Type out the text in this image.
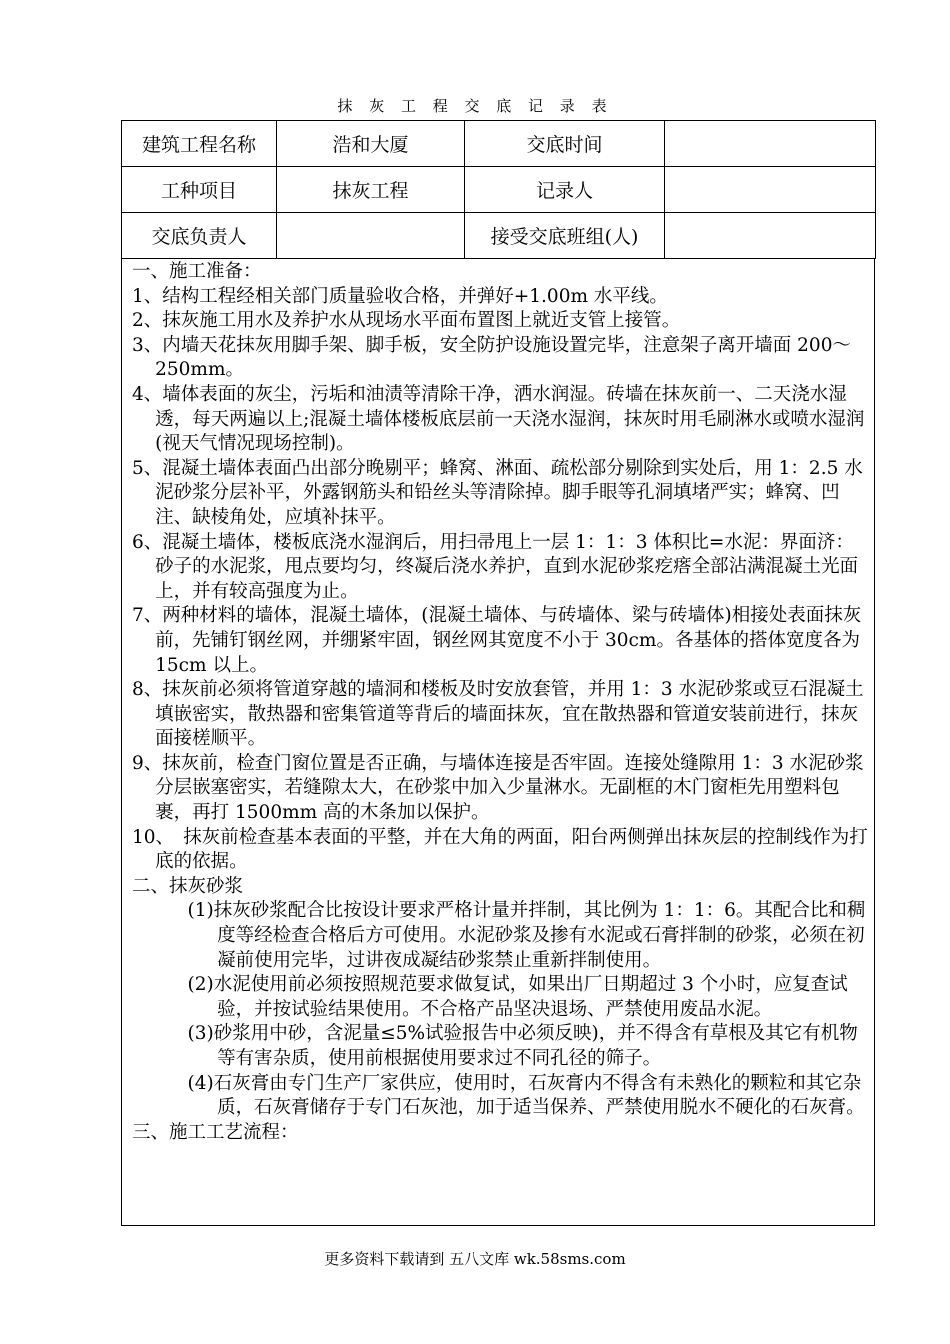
抹 灰 工 程 交 底 记 录 表
建筑工程名称	浩和大厦	交底时间	
工种项目	抹灰工程	记录人	
交底负责人		接受交底班组(人)	
一、施工准备：
1、结构工程经相关部门质量验收合格，并弹好+1.00m 水平线。
2、抹灰施工用水及养护水从现场水平面布置图上就近支管上接管。
3、内墙天花抹灰用脚手架、脚手板，安全防护设施设置完毕，注意架子离开墙面 200～250mm。
4、墙体表面的灰尘，污垢和油渍等清除干净，洒水润湿。砖墙在抹灰前一、二天浇水湿透，每天两遍以上;混凝土墙体楼板底层前一天浇水湿润，抹灰时用毛刷淋水或喷水湿润(视天气情况现场控制)。
5、混凝土墙体表面凸出部分晚剔平；蜂窝、淋面、疏松部分剔除到实处后，用 1：2.5 水泥砂浆分层补平，外露钢筋头和铅丝头等清除掉。脚手眼等孔洞填堵严实；蜂窝、凹注、缺棱角处，应填补抹平。
6、混凝土墙体，楼板底浇水湿润后，用扫帚甩上一层 1：1：3 体积比=水泥：界面济：砂子的水泥浆，甩点要均匀，终凝后浇水养护，直到水泥砂浆疙瘩全部沾满混凝土光面上，并有较高强度为止。
7、两种材料的墙体，混凝土墙体，(混凝土墙体、与砖墙体、梁与砖墙体)相接处表面抹灰前，先铺钉钢丝网，并绷紧牢固，钢丝网其宽度不小于 30cm。各基体的搭体宽度各为 15cm 以上。
8、抹灰前必须将管道穿越的墙洞和楼板及时安放套管，并用 1：3 水泥砂浆或豆石混凝土填嵌密实，散热器和密集管道等背后的墙面抹灰，宜在散热器和管道安装前进行，抹灰面接槎顺平。
9、抹灰前，检查门窗位置是否正确，与墙体连接是否牢固。连接处缝隙用 1：3 水泥砂浆分层嵌塞密实，若缝隙太大，在砂浆中加入少量淋水。无副框的木门窗柜先用塑料包裹，再打 1500mm 高的木条加以保护。
10、　抹灰前检查基本表面的平整，并在大角的两面，阳台两侧弹出抹灰层的控制线作为打底的依据。
二、抹灰砂浆
(1)抹灰砂浆配合比按设计要求严格计量并拌制，其比例为 1：1：6。其配合比和稠度等经检查合格后方可使用。水泥砂浆及掺有水泥或石膏拌制的砂浆，必须在初凝前使用完毕，过讲夜成凝结砂浆禁止重新拌制使用。
(2)水泥使用前必须按照规范要求做复试，如果出厂日期超过 3 个小时，应复查试验，并按试验结果使用。不合格产品坚决退场、严禁使用废品水泥。
(3)砂浆用中砂，含泥量≤5%试验报告中必须反映)，并不得含有草根及其它有机物等有害杂质，使用前根据使用要求过不同孔径的筛子。
(4)石灰膏由专门生产厂家供应，使用时，石灰膏内不得含有未熟化的颗粒和其它杂质，石灰膏储存于专门石灰池，加于适当保养、严禁使用脱水不硬化的石灰膏。
三、施工工艺流程：
更多资料下载请到 五八文库 wk.58sms.com
